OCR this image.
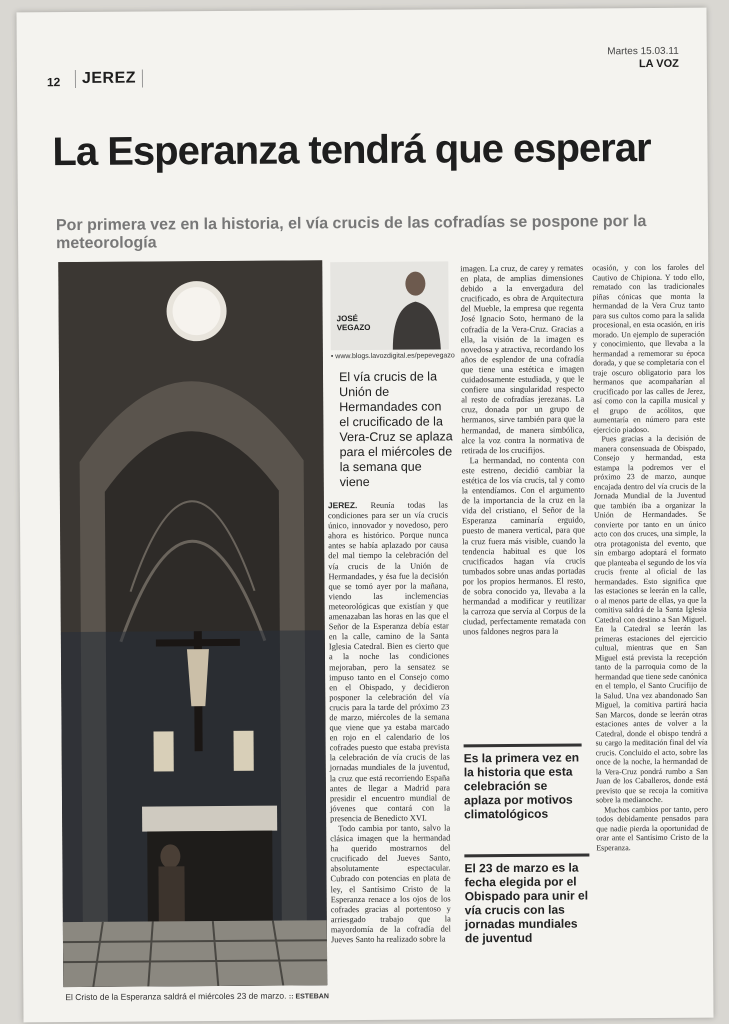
12	JEREZ
Martes 15.03.11
LA VOZ
La Esperanza tendrá que esperar
Por primera vez en la historia, el vía crucis de las cofradías se pospone por la meteorología
El Cristo de la Esperanza saldrá el miércoles 23 de marzo. :: ESTEBAN
JOSÉ
VEGAZO
• www.blogs.lavozdigital.es/pepevegazo
El vía crucis de la Unión de Hermandades con el crucificado de la Vera-Cruz se aplaza para el miércoles de la semana que viene

JEREZ. Reunía todas las condiciones para ser un vía crucis único, innovador y novedoso, pero ahora es histórico. Porque nunca antes se había aplazado por causa del mal tiempo la celebración del vía crucis de la Unión de Hermandades, y ésa fue la decisión que se tomó ayer por la mañana, viendo las inclemencias meteorológicas que existían y que amenazaban las horas en las que el Señor de la Esperanza debía estar en la calle, camino de la Santa Iglesia Catedral. Bien es cierto que a la noche las condiciones mejoraban, pero la sensatez se impuso tanto en el Consejo como en el Obispado, y decidieron posponer la celebración del vía crucis para la tarde del próximo 23 de marzo, miércoles de la semana que viene que ya estaba marcado en rojo en el calendario de los cofrades puesto que estaba prevista la celebración de vía crucis de las jornadas mundiales de la juventud, la cruz que está recorriendo España antes de llegar a Madrid para presidir el encuentro mundial de jóvenes que contará con la presencia de Benedicto XVI.

Todo cambia por tanto, salvo la clásica imagen que la hermandad ha querido mostrarnos del crucificado del Jueves Santo, absolutamente espectacular. Cubrado con potencias en plata de ley, el Santísimo Cristo de la Esperanza renace a los ojos de los cofrades gracias al portentoso y arriesgado trabajo que la mayordomía de la cofradía del Jueves Santo ha realizado sobre la

imagen. La cruz, de carey y remates en plata, de amplias dimensiones debido a la envergadura del crucificado, es obra de Arquitectura del Mueble, la empresa que regenta José Ignacio Soto, hermano de la cofradía de la Vera-Cruz. Gracias a ella, la visión de la imagen es novedosa y atractiva, recordando los años de esplendor de una cofradía que tiene una estética e imagen cuidadosamente estudiada, y que le confiere una singularidad respecto al resto de cofradías jerezanas. La cruz, donada por un grupo de hermanos, sirve también para que la hermandad, de manera simbólica, alce la voz contra la normativa de retirada de los crucifijos.

La hermandad, no contenta con este estreno, decidió cambiar la estética de los vía crucis, tal y como la entendíamos. Con el argumento de la importancia de la cruz en la vida del cristiano, el Señor de la Esperanza caminaría erguido, puesto de manera vertical, para que la cruz fuera más visible, cuando la tendencia habitual es que los crucificados hagan vía crucis tumbados sobre unas andas portadas por los propios hermanos. El resto, de sobra conocido ya, llevaba a la hermandad a modificar y reutilizar la carroza que servía al Corpus de la ciudad, perfectamente rematada con unos faldones negros para la

Es la primera vez en la historia que esta celebración se aplaza por motivos climatológicos
El 23 de marzo es la fecha elegida por el Obispado para unir el vía crucis con las jornadas mundiales de juventud

ocasión, y con los faroles del Cautivo de Chipiona. Y todo ello, rematado con las tradicionales piñas cónicas que monta la hermandad de la Vera Cruz tanto para sus cultos como para la salida procesional, en esta ocasión, en iris morado. Un ejemplo de superación y conocimiento, que llevaba a la hermandad a rememorar su época dorada, y que se completaría con el traje oscuro obligatorio para los hermanos que acompañarían al crucificado por las calles de Jerez, así como con la capilla musical y el grupo de acólitos, que aumentaría en número para este ejercicio piadoso.

Pues gracias a la decisión de manera consensuada de Obispado, Consejo y hermandad, esta estampa la podremos ver el próximo 23 de marzo, aunque encajada dentro del vía crucis de la Jornada Mundial de la Juventud que también iba a organizar la Unión de Hermandades. Se convierte por tanto en un único acto con dos cruces, una simple, la otra protagonista del evento, que sin embargo adoptará el formato que planteaba el segundo de los vía crucis frente al oficial de las hermandades. Esto significa que las estaciones se leerán en la calle, o al menos parte de ellas, ya que la comitiva saldrá de la Santa Iglesia Catedral con destino a San Miguel. En la Catedral se leerán las primeras estaciones del ejercicio cultual, mientras que en San Miguel está prevista la recepción tanto de la parroquia como de la hermandad que tiene sede canónica en el templo, el Santo Crucifijo de la Salud. Una vez abandonado San Miguel, la comitiva partirá hacia San Marcos, donde se leerán otras estaciones antes de volver a la Catedral, donde el obispo tendrá a su cargo la meditación final del vía crucis. Concluido el acto, sobre las once de la noche, la hermandad de la Vera-Cruz pondrá rumbo a San Juan de los Caballeros, donde está previsto que se recoja la comitiva sobre la medianoche.

Muchos cambios por tanto, pero todos debidamente pensados para que nadie pierda la oportunidad de orar ante el Santísimo Cristo de la Esperanza.
